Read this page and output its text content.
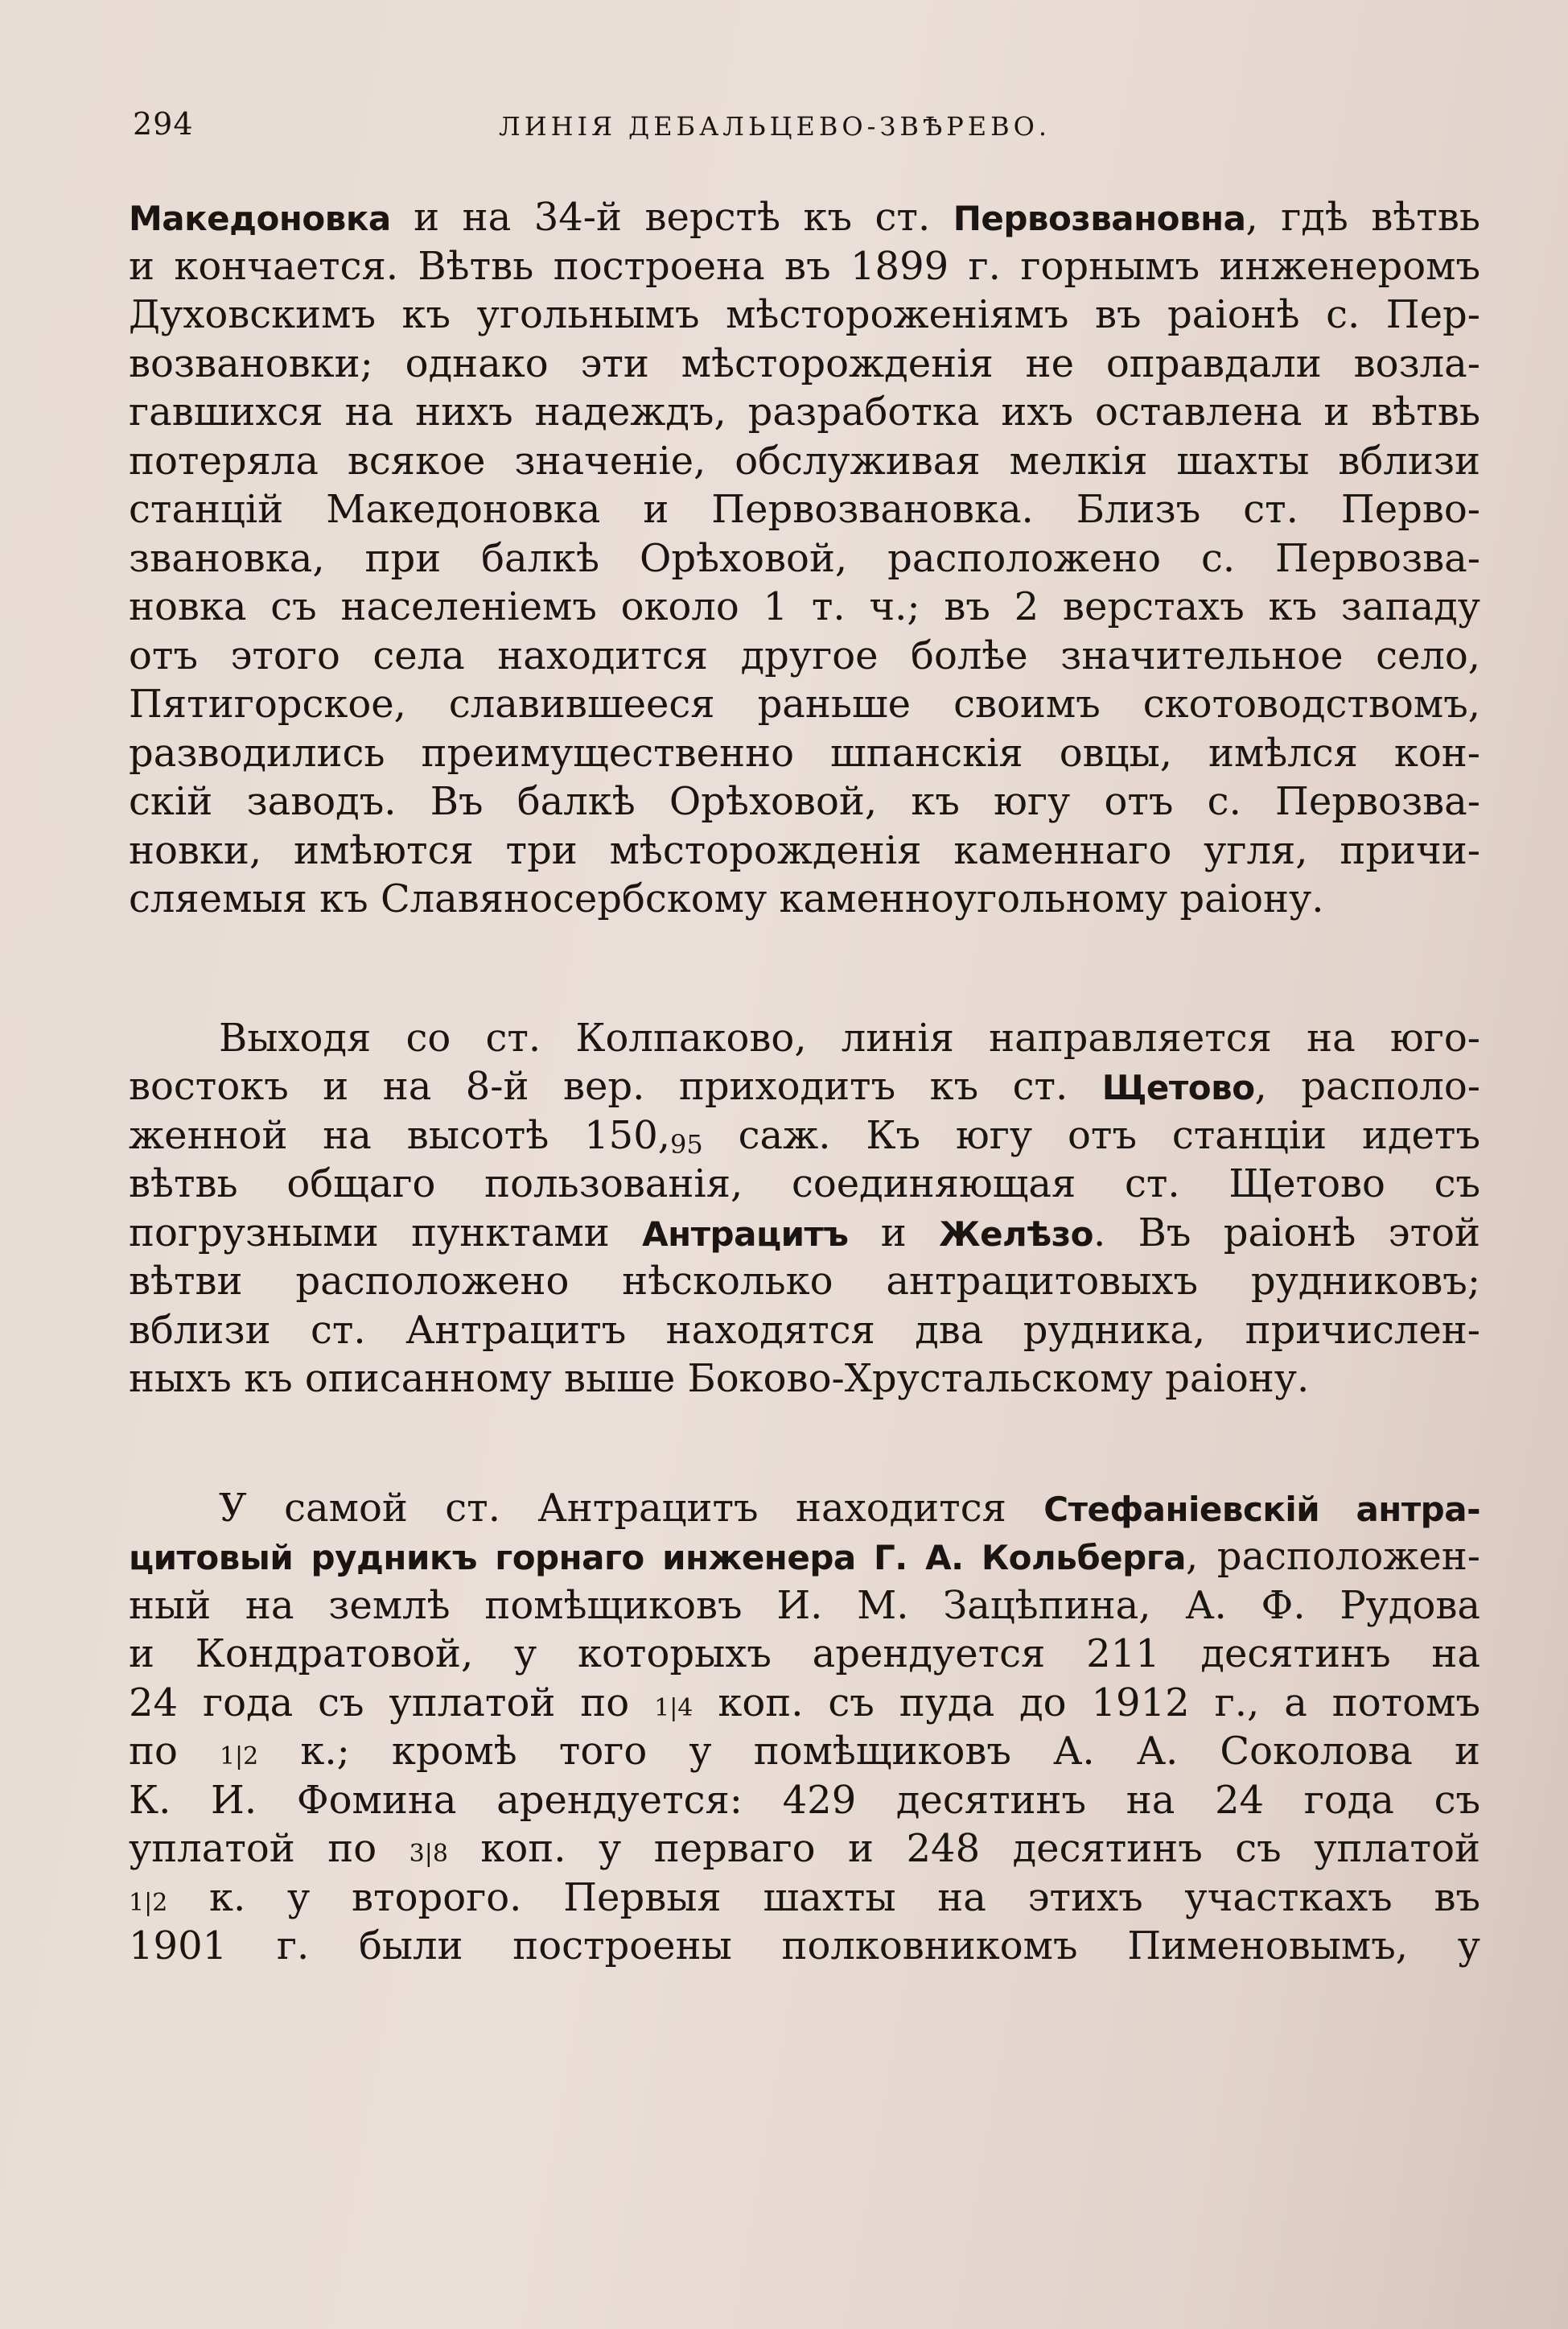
294	ЛИНІЯ ДЕБАЛЬЦЕВО-ЗВѢРЕВО.
Македоновка и на 34-й верстѣ къ ст. Первозвановна, гдѣ вѣтвь
и кончается. Вѣтвь построена въ 1899 г. горнымъ инженеромъ
Духовскимъ къ угольнымъ мѣстороженіямъ въ раіонѣ с. Пер-
возвановки; однако эти мѣсторожденія не оправдали возла-
гавшихся на нихъ надеждъ, разработка ихъ оставлена и вѣтвь
потеряла всякое значеніе, обслуживая мелкія шахты вблизи
станцій Македоновка и Первозвановка. Близъ ст. Перво-
звановка, при балкѣ Орѣховой, расположено с. Первозва-
новка съ населеніемъ около 1 т. ч.; въ 2 верстахъ къ западу
отъ этого села находится другое болѣе значительное село,
Пятигорское, славившееся раньше своимъ скотоводствомъ,
разводились преимущественно шпанскія овцы, имѣлся кон-
скій заводъ. Въ балкѣ Орѣховой, къ югу отъ с. Первозва-
новки, имѣются три мѣсторожденія каменнаго угля, причи-
сляемыя къ Славяносербскому каменноугольному раіону.
Выходя со ст. Колпаково, линія направляется на юго-
востокъ и на 8-й вер. приходитъ къ ст. Щетово, располо-
женной на высотѣ 150,95 саж. Къ югу отъ станціи идетъ
вѣтвь общаго пользованія, соединяющая ст. Щетово съ
погрузными пунктами Антрацитъ и Желѣзо. Въ раіонѣ этой
вѣтви расположено нѣсколько антрацитовыхъ рудниковъ;
вблизи ст. Антрацитъ находятся два рудника, причислен-
ныхъ къ описанному выше Боково-Хрустальскому раіону.
У самой ст. Антрацитъ находится Стефаніевскій антра-
цитовый рудникъ горнаго инженера Г. А. Кольберга, расположен-
ный на землѣ помѣщиковъ И. М. Зацѣпина, А. Ф. Рудова
и Кондратовой, у которыхъ арендуется 211 десятинъ на
24 года съ уплатой по 1|4 коп. съ пуда до 1912 г., а потомъ
по 1|2 к.; кромѣ того у помѣщиковъ А. А. Соколова и
К. И. Фомина арендуется: 429 десятинъ на 24 года съ
уплатой по 3|8 коп. у перваго и 248 десятинъ съ уплатой
1|2 к. у второго. Первыя шахты на этихъ участкахъ въ
1901 г. были построены полковникомъ Пименовымъ, у
